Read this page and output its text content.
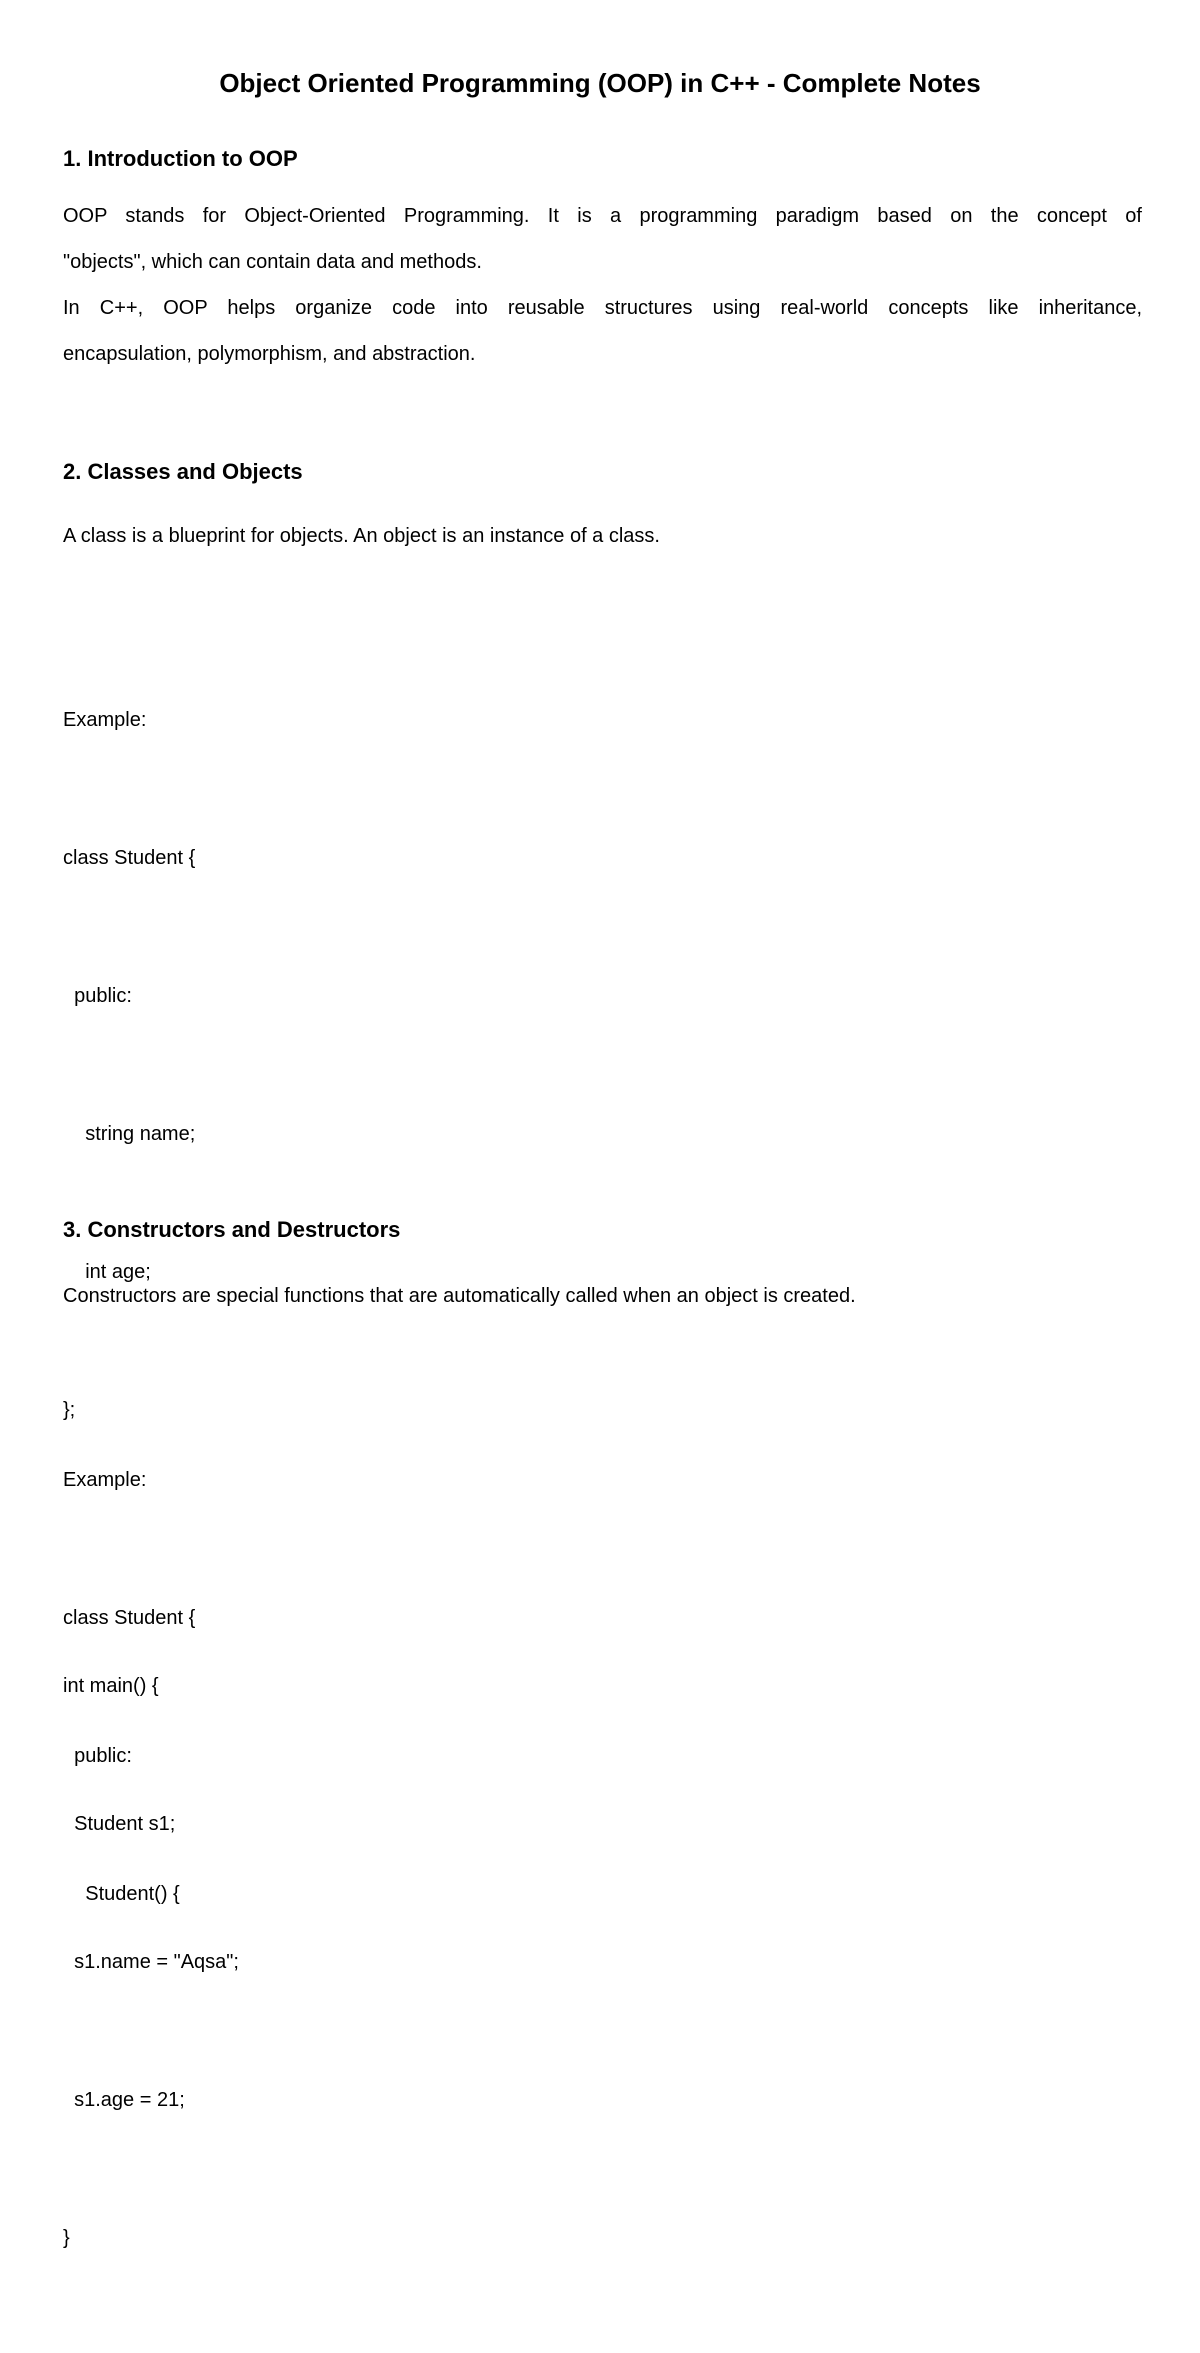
Object Oriented Programming (OOP) in C++ - Complete Notes
1. Introduction to OOP
OOP stands for Object-Oriented Programming. It is a programming paradigm based on the concept of
"objects", which can contain data and methods.
In C++, OOP helps organize code into reusable structures using real-world concepts like inheritance,
encapsulation, polymorphism, and abstraction.
2. Classes and Objects
A class is a blueprint for objects. An object is an instance of a class.

Example:

class Student {

public:

string name;

int age;

};

int main() {

Student s1;

s1.name = "Aqsa";

s1.age = 21;

}

3. Constructors and Destructors
Constructors are special functions that are automatically called when an object is created.

Example:

class Student {

public:

Student() {
